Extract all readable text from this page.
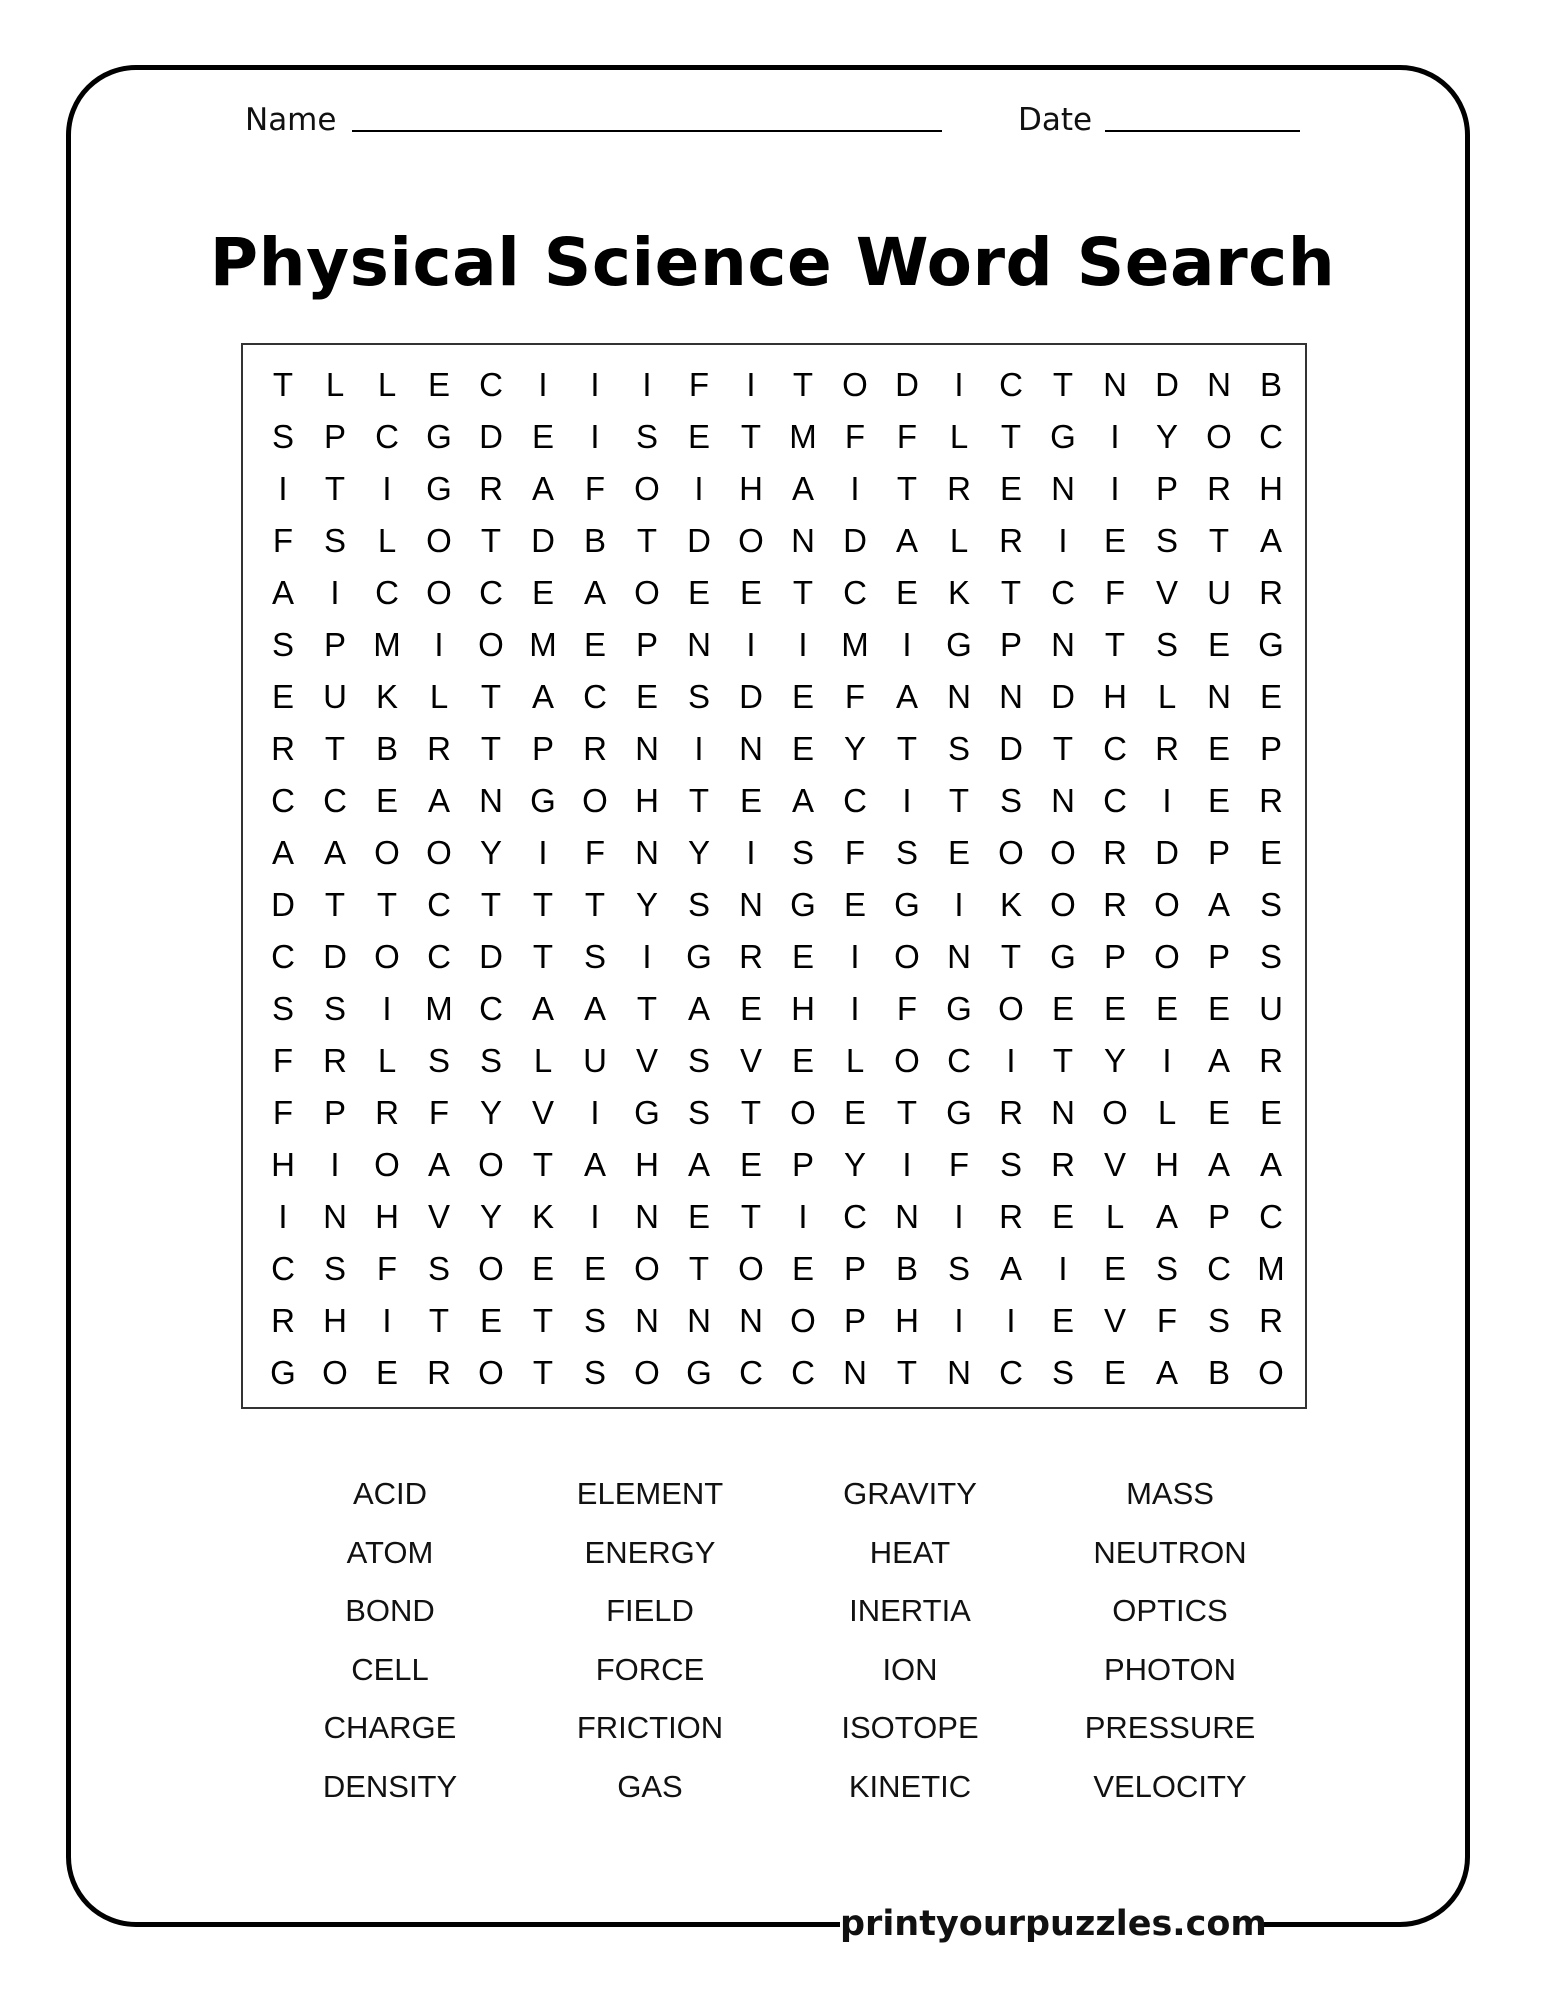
Name	Date
Physical Science Word Search
T L	L E C	I	I	I	F	I	T O D	I	C T N D N B
S P C G D E	I	S E T M F F L T G	I	Y O C
I	T	I	G R A F O	I	H A	I	T R E N	I	P R H
F S L O T D B T D O N D A L R	I	E S T A
A	I	C O C E A O E E T C E K T C F V U R
S P M	I	O M E P N	I	I	M	I	G P N T S E G
E U K L T A C E S D E F A N N D H L N E
R T B R T P R N	I	N E Y T S D T C R E P
C C E A N G O H T E A C	I	T S N C	I	E R
A A O O Y	I	F N Y	I	S F S E O O R D P E
D T T C T T T Y S N G E G	I	K O R O A S
C D O C D T S	I	G R E	I	O N T G P O P S
S S	I	M C A A T A E H	I	F G O E E E E U
F R L S S L U V S V E L O C	I	T Y	I	A R
F P R F Y V	I	G S T O E T G R N O L E E
H	I	O A O T A H A E P Y	I	F S R V H A A
I	N H V Y K	I	N E T	I	C N	I	R E L A P C
C S F S O E E O T O E P B S A	I	E S C M
R H	I	T E T S N N N O P H	I	I	E V F S R
G O E R O T S O G C C N T N C S E A B O
ACID	ELEMENT	GRAVITY	MASS
ATOM	ENERGY	HEAT	NEUTRON
BOND	FIELD	INERTIA	OPTICS
CELL	FORCE	ION	PHOTON
CHARGE	FRICTION	ISOTOPE	PRESSURE
DENSITY	GAS	KINETIC	VELOCITY
printyourpuzzles.com
